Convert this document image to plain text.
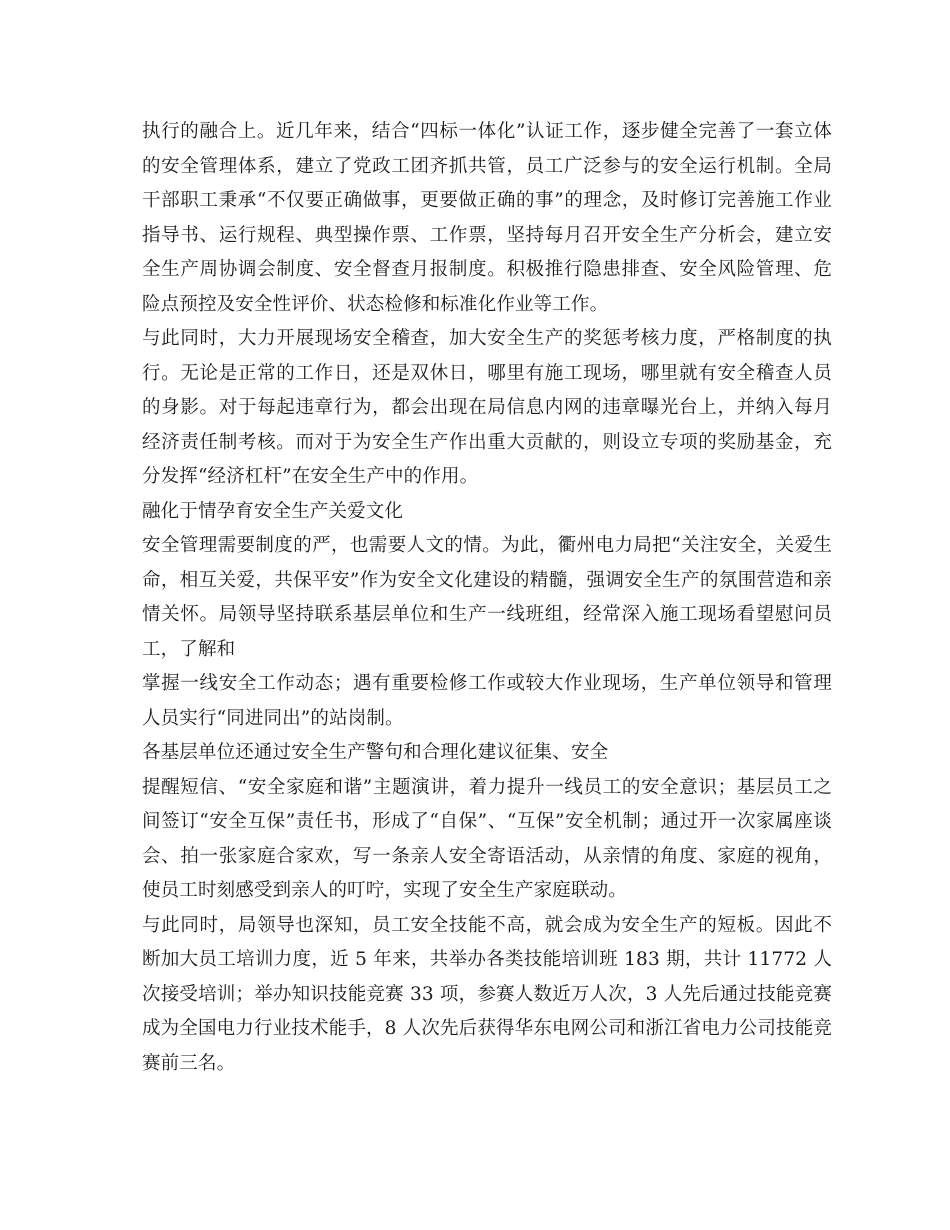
执行的融合上。近几年来，结合“四标一体化”认证工作，逐步健全完善了一套立体的安全管理体系，建立了党政工团齐抓共管，员工广泛参与的安全运行机制。全局干部职工秉承“不仅要正确做事，更要做正确的事”的理念，及时修订完善施工作业指导书、运行规程、典型操作票、工作票，坚持每月召开安全生产分析会，建立安全生产周协调会制度、安全督查月报制度。积极推行隐患排查、安全风险管理、危险点预控及安全性评价、状态检修和标准化作业等工作。

与此同时，大力开展现场安全稽查，加大安全生产的奖惩考核力度，严格制度的执行。无论是正常的工作日，还是双休日，哪里有施工现场，哪里就有安全稽查人员的身影。对于每起违章行为，都会出现在局信息内网的违章曝光台上，并纳入每月经济责任制考核。而对于为安全生产作出重大贡献的，则设立专项的奖励基金，充分发挥“经济杠杆”在安全生产中的作用。

融化于情孕育安全生产关爱文化

安全管理需要制度的严，也需要人文的情。为此，衢州电力局把“关注安全，关爱生命，相互关爱，共保平安”作为安全文化建设的精髓，强调安全生产的氛围营造和亲情关怀。局领导坚持联系基层单位和生产一线班组，经常深入施工现场看望慰问员工，了解和

掌握一线安全工作动态；遇有重要检修工作或较大作业现场，生产单位领导和管理人员实行“同进同出”的站岗制。

各基层单位还通过安全生产警句和合理化建议征集、安全

提醒短信、“安全家庭和谐”主题演讲，着力提升一线员工的安全意识；基层员工之间签订“安全互保”责任书，形成了“自保”、“互保”安全机制；通过开一次家属座谈会、拍一张家庭合家欢，写一条亲人安全寄语活动，从亲情的角度、家庭的视角，使员工时刻感受到亲人的叮咛，实现了安全生产家庭联动。

与此同时，局领导也深知，员工安全技能不高，就会成为安全生产的短板。因此不断加大员工培训力度，近 5 年来，共举办各类技能培训班 183 期，共计 11772 人次接受培训；举办知识技能竞赛 33 项，参赛人数近万人次，3 人先后通过技能竞赛成为全国电力行业技术能手，8 人次先后获得华东电网公司和浙江省电力公司技能竞赛前三名。
